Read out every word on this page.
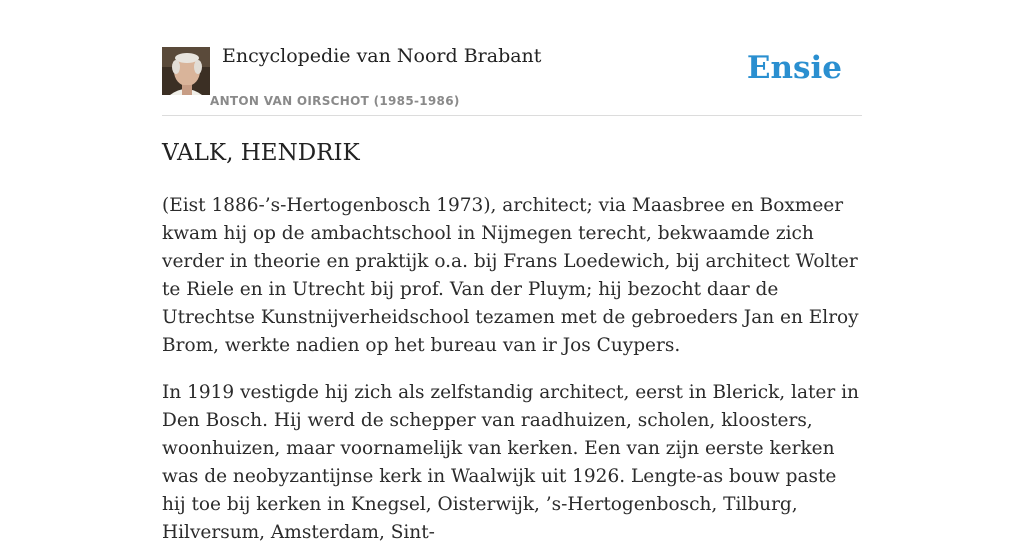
Encyclopedie van Noord Brabant
ANTON VAN OIRSCHOT (1985-1986)
Ensie
VALK, HENDRIK

(Eist 1886-’s-Hertogenbosch 1973), architect; via Maasbree en Boxmeer kwam hij op de ambachtschool in Nijmegen terecht, bekwaamde zich verder in theorie en praktijk o.a. bij Frans Loedewich, bij architect Wolter te Riele en in Utrecht bij prof. Van der Pluym; hij bezocht daar de Utrechtse Kunstnijverheidschool tezamen met de gebroeders Jan en Elroy Brom, werkte nadien op het bureau van ir Jos Cuypers.

In 1919 vestigde hij zich als zelfstandig architect, eerst in Blerick, later in Den Bosch. Hij werd de schepper van raadhuizen, scholen, kloosters, woonhuizen, maar voornamelijk van kerken. Een van zijn eerste kerken was de neobyzantijnse kerk in Waalwijk uit 1926. Lengte-as bouw paste hij toe bij kerken in Knegsel, Oisterwijk, ’s-Hertogenbosch, Tilburg, Hilversum, Amsterdam, Sint-
